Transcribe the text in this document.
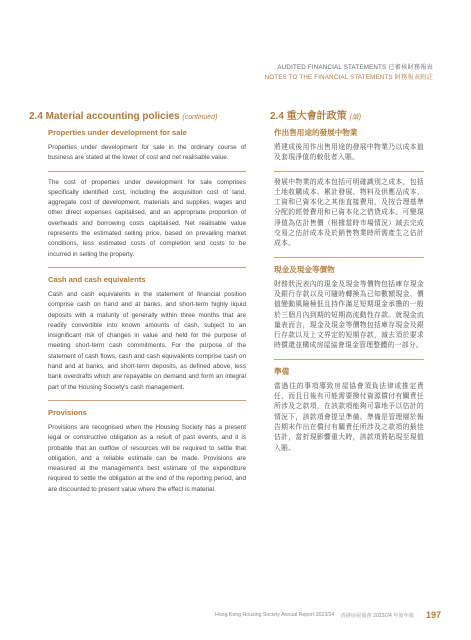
AUDITED FINANCIAL STATEMENTS 已審核財務報表
NOTES TO THE FINANCIAL STATEMENTS 財務報表附註
2.4 Material accounting policies (continued)
Properties under development for sale

Properties under development for sale in the ordinary course of business are stated at the lower of cost and net realisable value.

The cost of properties under development for sale comprises specifically identified cost, including the acquisition cost of land, aggregate cost of development, materials and supplies, wages and other direct expenses capitalised, and an appropriate proportion of overheads and borrowing costs capitalised. Net realisable value represents the estimated selling price, based on prevailing market conditions, less estimated costs of completion and costs to be incurred in selling the property.

Cash and cash equivalents

Cash and cash equivalents in the statement of financial position comprise cash on hand and at banks, and short-term highly liquid deposits with a maturity of generally within three months that are readily convertible into known amounts of cash, subject to an insignificant risk of changes in value and held for the purpose of meeting short-term cash commitments. For the purpose of the statement of cash flows, cash and cash equivalents comprise cash on hand and at banks, and short-term deposits, as defined above, less bank overdrafts which are repayable on demand and form an integral part of the Housing Society's cash management.

Provisions

Provisions are recognised when the Housing Society has a present legal or constructive obligation as a result of past events, and it is probable that an outflow of resources will be required to settle that obligation, and a reliable estimate can be made. Provisions are measured at the management's best estimate of the expenditure required to settle the obligation at the end of the reporting period, and are discounted to present value where the effect is material.

2.4 重大會計政策 (續)
作出售用途的發展中物業

將建成後用作出售用途的發展中物業乃以成本值及套現淨值的較低者入賬。

發展中物業的成本包括可明確識別之成本，包括土地收購成本、累計發展、物料及供應品成本、工資和已資本化之其他直接費用，及按合理基準分配的經營費用和已資本化之借貸成本。可變現淨值為估計售價（根據當時市場情況）減去完成交易之估計成本及於銷售物業時所需產生之估計成本。

現金及現金等價物

財務狀況表內的現金及現金等價物包括庫存現金及銀行存款以及可隨時轉換為已知數額現金、價值變動風險極低且持作滿足短期現金承擔的一般於三個月內到期的短期高流動性存款。就現金流量表而言，現金及現金等價物包括庫存現金及銀行存款以及上文界定的短期存款，減去須於要求時償還並構成房屋協會現金管理整體的一部分。

準備

當過往的事項導致房屋協會須負法律或推定責任，而且日後有可能需要撥付資源償付有關責任所涉及之款項，在該款項能夠可靠地予以估計的情況下，該款項會提呈準備。準備是管理層於報告期末作出在償付有關責任所涉及之款項的最佳估計，當折現影響重大時，該款項將貼現至現值入賬。

Hong Kong Housing Society Annual Report 2023/24 香港房屋協會 2023/24 年度年報 197
